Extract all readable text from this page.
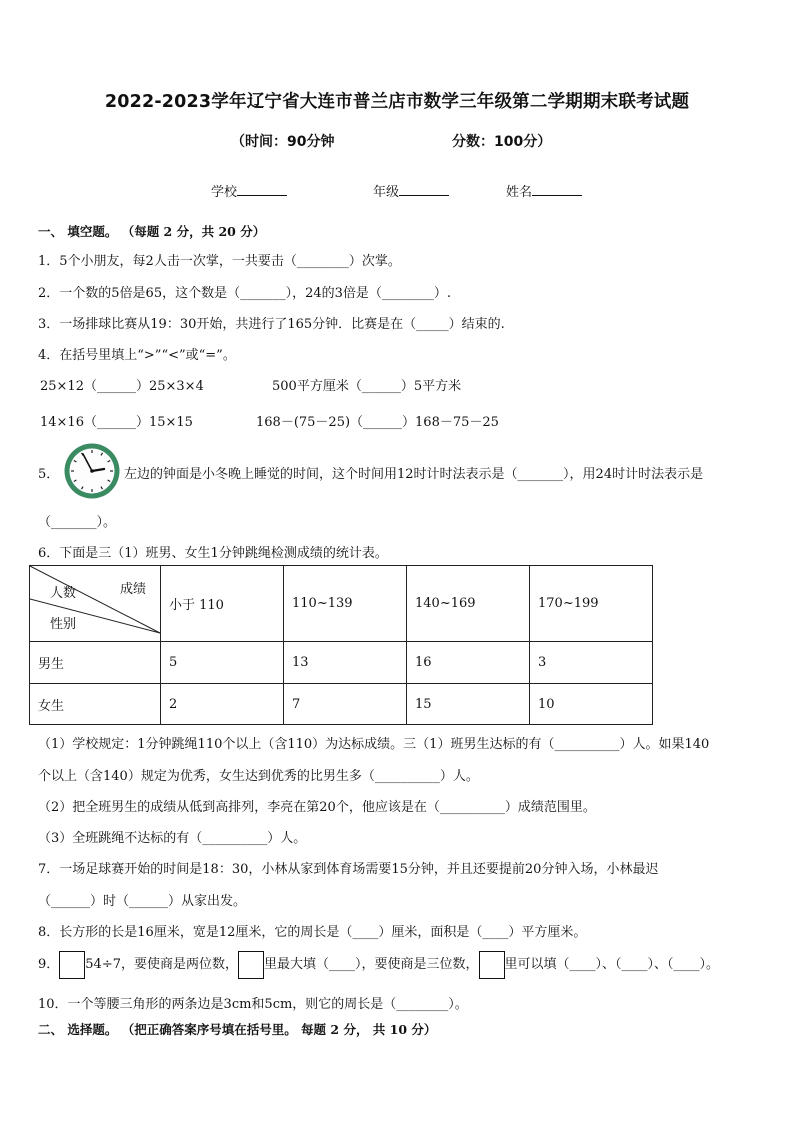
2022-2023学年辽宁省大连市普兰店市数学三年级第二学期期末联考试题
（时间：90分钟	分数：100分）
学校	年级	姓名
一、 填空题。 （每题 2 分，共 20 分）
1．5个小朋友，每2人击一次掌，一共要击（________）次掌。
2．一个数的5倍是65，这个数是（_______），24的3倍是（________）.
3．一场排球比赛从19：30开始，共进行了165分钟．比赛是在（_____）结束的.
4．在括号里填上“>”“<”或“=”。
25×12（______）25×3×4	500平方厘米（______）5平方米
14×16（______）15×15	168－(75－25)（______）168－75－25
5．	左边的钟面是小冬晚上睡觉的时间，这个时间用12时计时法表示是（_______），用24时计时法表示是
（_______）。
6．下面是三（1）班男、女生1分钟跳绳检测成绩的统计表。
成绩
人数
性别	小于 110	110~139	140~169	170~199
男生	5	13	16	3
女生	2	7	15	10
（1）学校规定：1分钟跳绳110个以上（含110）为达标成绩。三（1）班男生达标的有（__________）人。如果140
个以上（含140）规定为优秀，女生达到优秀的比男生多（__________）人。
（2）把全班男生的成绩从低到高排列，李亮在第20个，他应该是在（__________）成绩范围里。
（3）全班跳绳不达标的有（__________）人。
7．一场足球赛开始的时间是18：30，小林从家到体育场需要15分钟，并且还要提前20分钟入场，小林最迟
（______）时（______）从家出发。
8．长方形的长是16厘米，宽是12厘米，它的周长是（____）厘米，面积是（____）平方厘米。
9． 54÷7，要使商是两位数， 里最大填（____），要使商是三位数， 里可以填（____）、（____）、（____）。
10．一个等腰三角形的两条边是3cm和5cm，则它的周长是（________）。
二、 选择题。 （把正确答案序号填在括号里。 每题 2 分， 共 10 分）
